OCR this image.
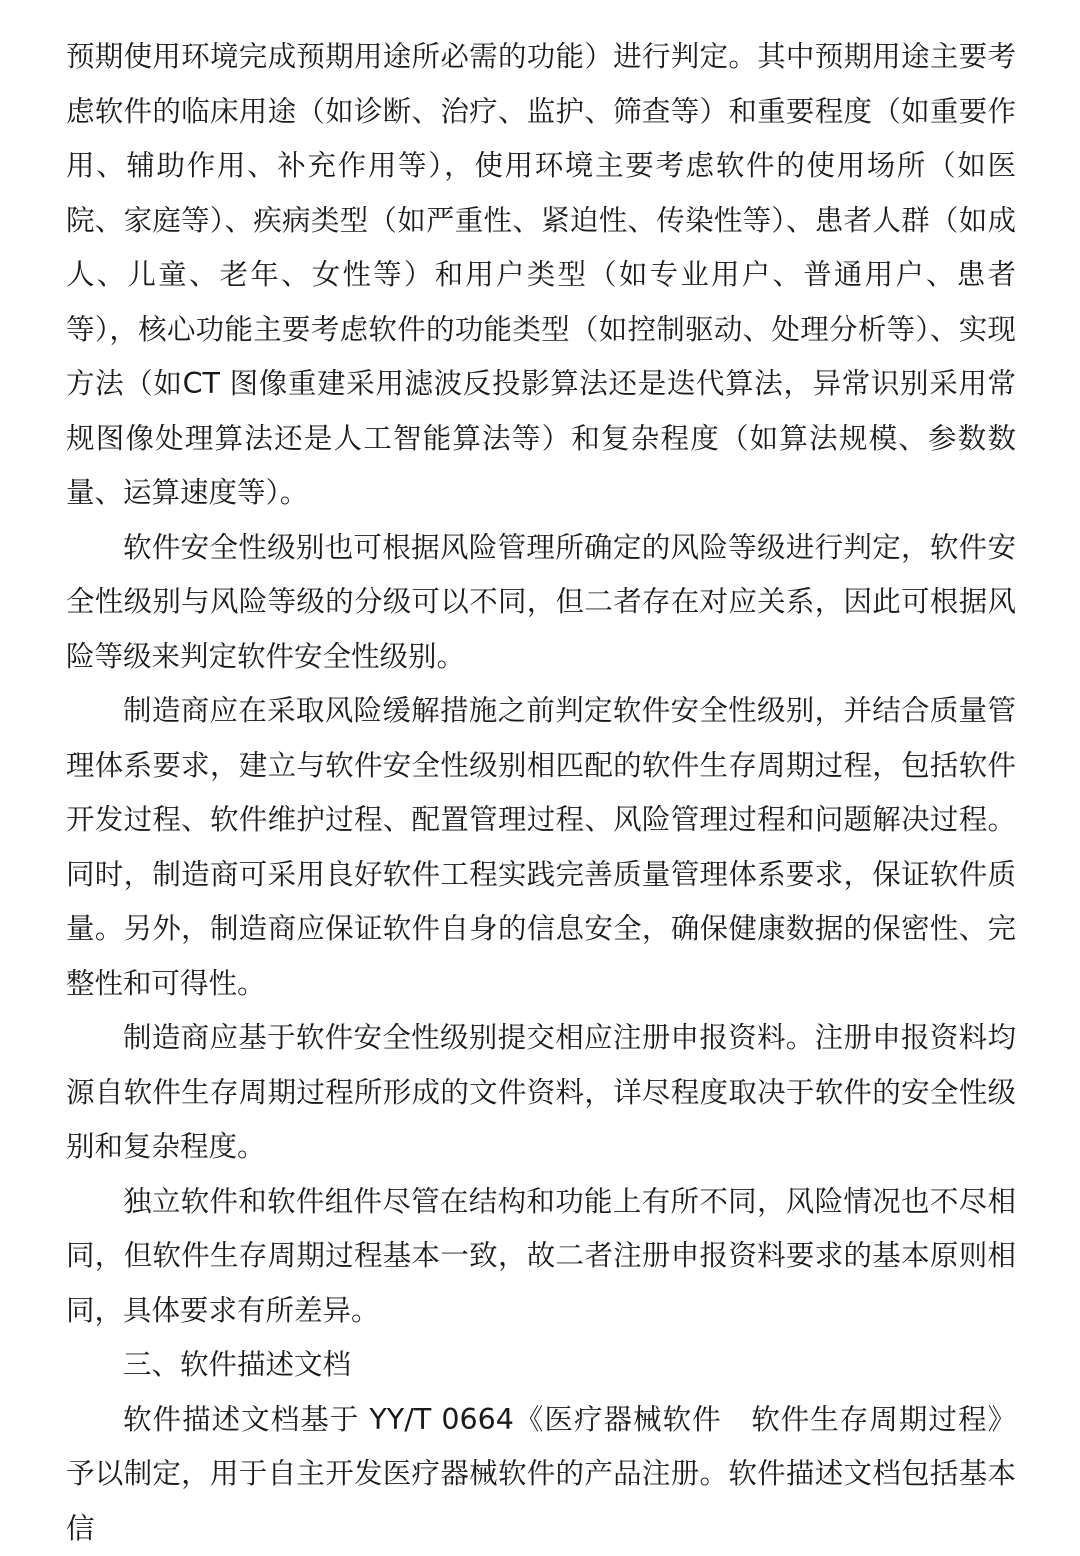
预期使用环境完成预期用途所必需的功能）进行判定。其中预期用途主要考虑软件的临床用途（如诊断、治疗、监护、筛查等）和重要程度（如重要作用、辅助作用、补充作用等），使用环境主要考虑软件的使用场所（如医院、家庭等）、疾病类型（如严重性、紧迫性、传染性等）、患者人群（如成人、儿童、老年、女性等）和用户类型（如专业用户、普通用户、患者等），核心功能主要考虑软件的功能类型（如控制驱动、处理分析等）、实现方法（如CT 图像重建采用滤波反投影算法还是迭代算法，异常识别采用常规图像处理算法还是人工智能算法等）和复杂程度（如算法规模、参数数量、运算速度等）。

软件安全性级别也可根据风险管理所确定的风险等级进行判定，软件安全性级别与风险等级的分级可以不同，但二者存在对应关系，因此可根据风险等级来判定软件安全性级别。

制造商应在采取风险缓解措施之前判定软件安全性级别，并结合质量管理体系要求，建立与软件安全性级别相匹配的软件生存周期过程，包括软件开发过程、软件维护过程、配置管理过程、风险管理过程和问题解决过程。同时，制造商可采用良好软件工程实践完善质量管理体系要求，保证软件质量。另外，制造商应保证软件自身的信息安全，确保健康数据的保密性、完整性和可得性。

制造商应基于软件安全性级别提交相应注册申报资料。注册申报资料均源自软件生存周期过程所形成的文件资料，详尽程度取决于软件的安全性级别和复杂程度。

独立软件和软件组件尽管在结构和功能上有所不同，风险情况也不尽相同，但软件生存周期过程基本一致，故二者注册申报资料要求的基本原则相同，具体要求有所差异。

三、软件描述文档

软件描述文档基于 YY/T 0664《医疗器械软件　软件生存周期过程》予以制定，用于自主开发医疗器械软件的产品注册。软件描述文档包括基本信
